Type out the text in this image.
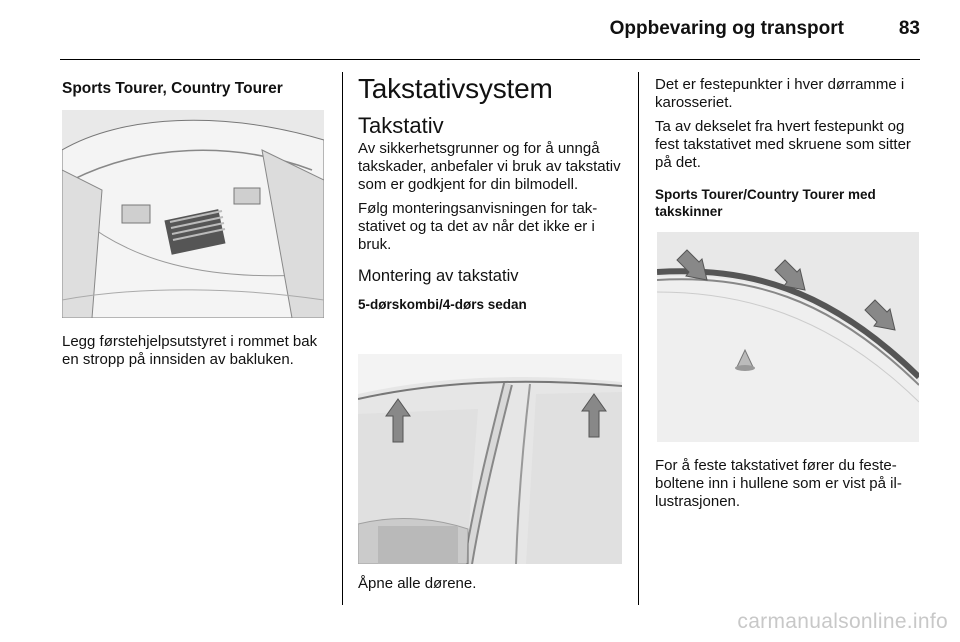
Oppbevaring og transport	83
Sports Tourer, Country Tourer

Legg førstehjelpsutstyret i rommet bak en stropp på innsiden av bakluken.

Takstativsystem
Takstativ

Av sikkerhetsgrunner og for å unngå takskader, anbefaler vi bruk av takstativ som er godkjent for din bilmodell.

Følg monteringsanvisningen for takstativet og ta det av når det ikke er i bruk.

Montering av takstativ
5-dørskombi/4-dørs sedan

Åpne alle dørene.

Det er festepunkter i hver dørramme i karosseriet.

Ta av dekselet fra hvert festepunkt og fest takstativet med skruene som sitter på det.

Sports Tourer/Country Tourer med takskinner

For å feste takstativet fører du festeboltene inn i hullene som er vist på illustrasjonen.

carmanualsonline.info
